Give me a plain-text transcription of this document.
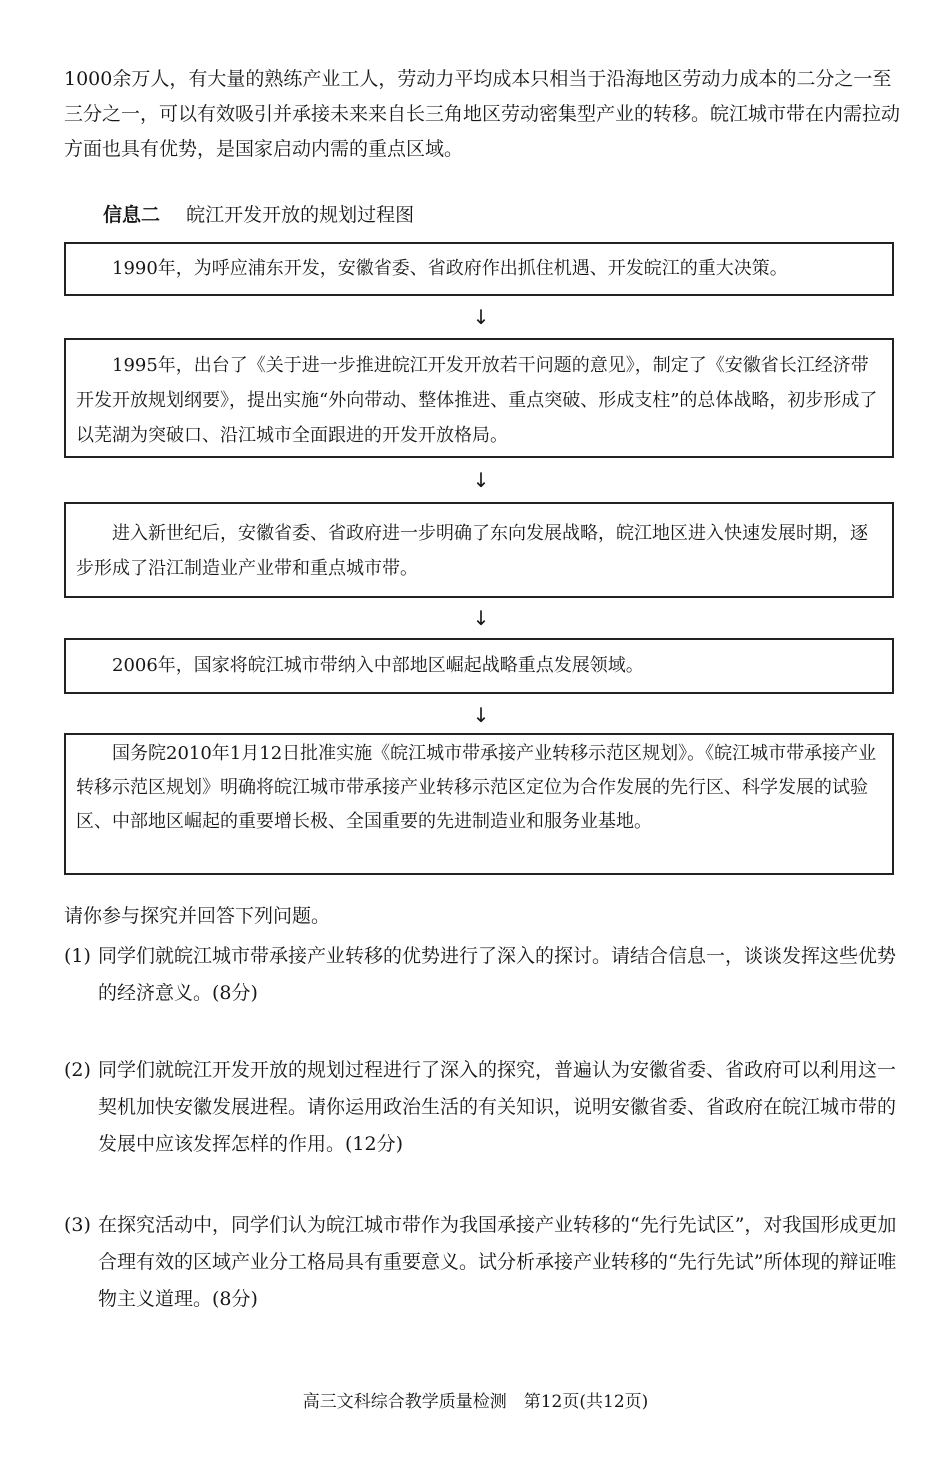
1000余万人，有大量的熟练产业工人，劳动力平均成本只相当于沿海地区劳动力成本的二分之一至三分之一，可以有效吸引并承接未来来自长三角地区劳动密集型产业的转移。皖江城市带在内需拉动方面也具有优势，是国家启动内需的重点区域。

信息二 皖江开发开放的规划过程图

1990年，为呼应浦东开发，安徽省委、省政府作出抓住机遇、开发皖江的重大决策。

↓

1995年，出台了《关于进一步推进皖江开发开放若干问题的意见》，制定了《安徽省长江经济带开发开放规划纲要》，提出实施“外向带动、整体推进、重点突破、形成支柱”的总体战略，初步形成了以芜湖为突破口、沿江城市全面跟进的开发开放格局。

↓

进入新世纪后，安徽省委、省政府进一步明确了东向发展战略，皖江地区进入快速发展时期，逐步形成了沿江制造业产业带和重点城市带。

↓

2006年，国家将皖江城市带纳入中部地区崛起战略重点发展领域。

↓

国务院2010年1月12日批准实施《皖江城市带承接产业转移示范区规划》。《皖江城市带承接产业转移示范区规划》明确将皖江城市带承接产业转移示范区定位为合作发展的先行区、科学发展的试验区、中部地区崛起的重要增长极、全国重要的先进制造业和服务业基地。

请你参与探究并回答下列问题。
(1) 同学们就皖江城市带承接产业转移的优势进行了深入的探讨。请结合信息一，谈谈发挥这些优势的经济意义。(8分)
(2) 同学们就皖江开发开放的规划过程进行了深入的探究，普遍认为安徽省委、省政府可以利用这一契机加快安徽发展进程。请你运用政治生活的有关知识，说明安徽省委、省政府在皖江城市带的发展中应该发挥怎样的作用。(12分)
(3) 在探究活动中，同学们认为皖江城市带作为我国承接产业转移的“先行先试区”，对我国形成更加合理有效的区域产业分工格局具有重要意义。试分析承接产业转移的“先行先试”所体现的辩证唯物主义道理。(8分)
高三文科综合教学质量检测　第12页(共12页)
